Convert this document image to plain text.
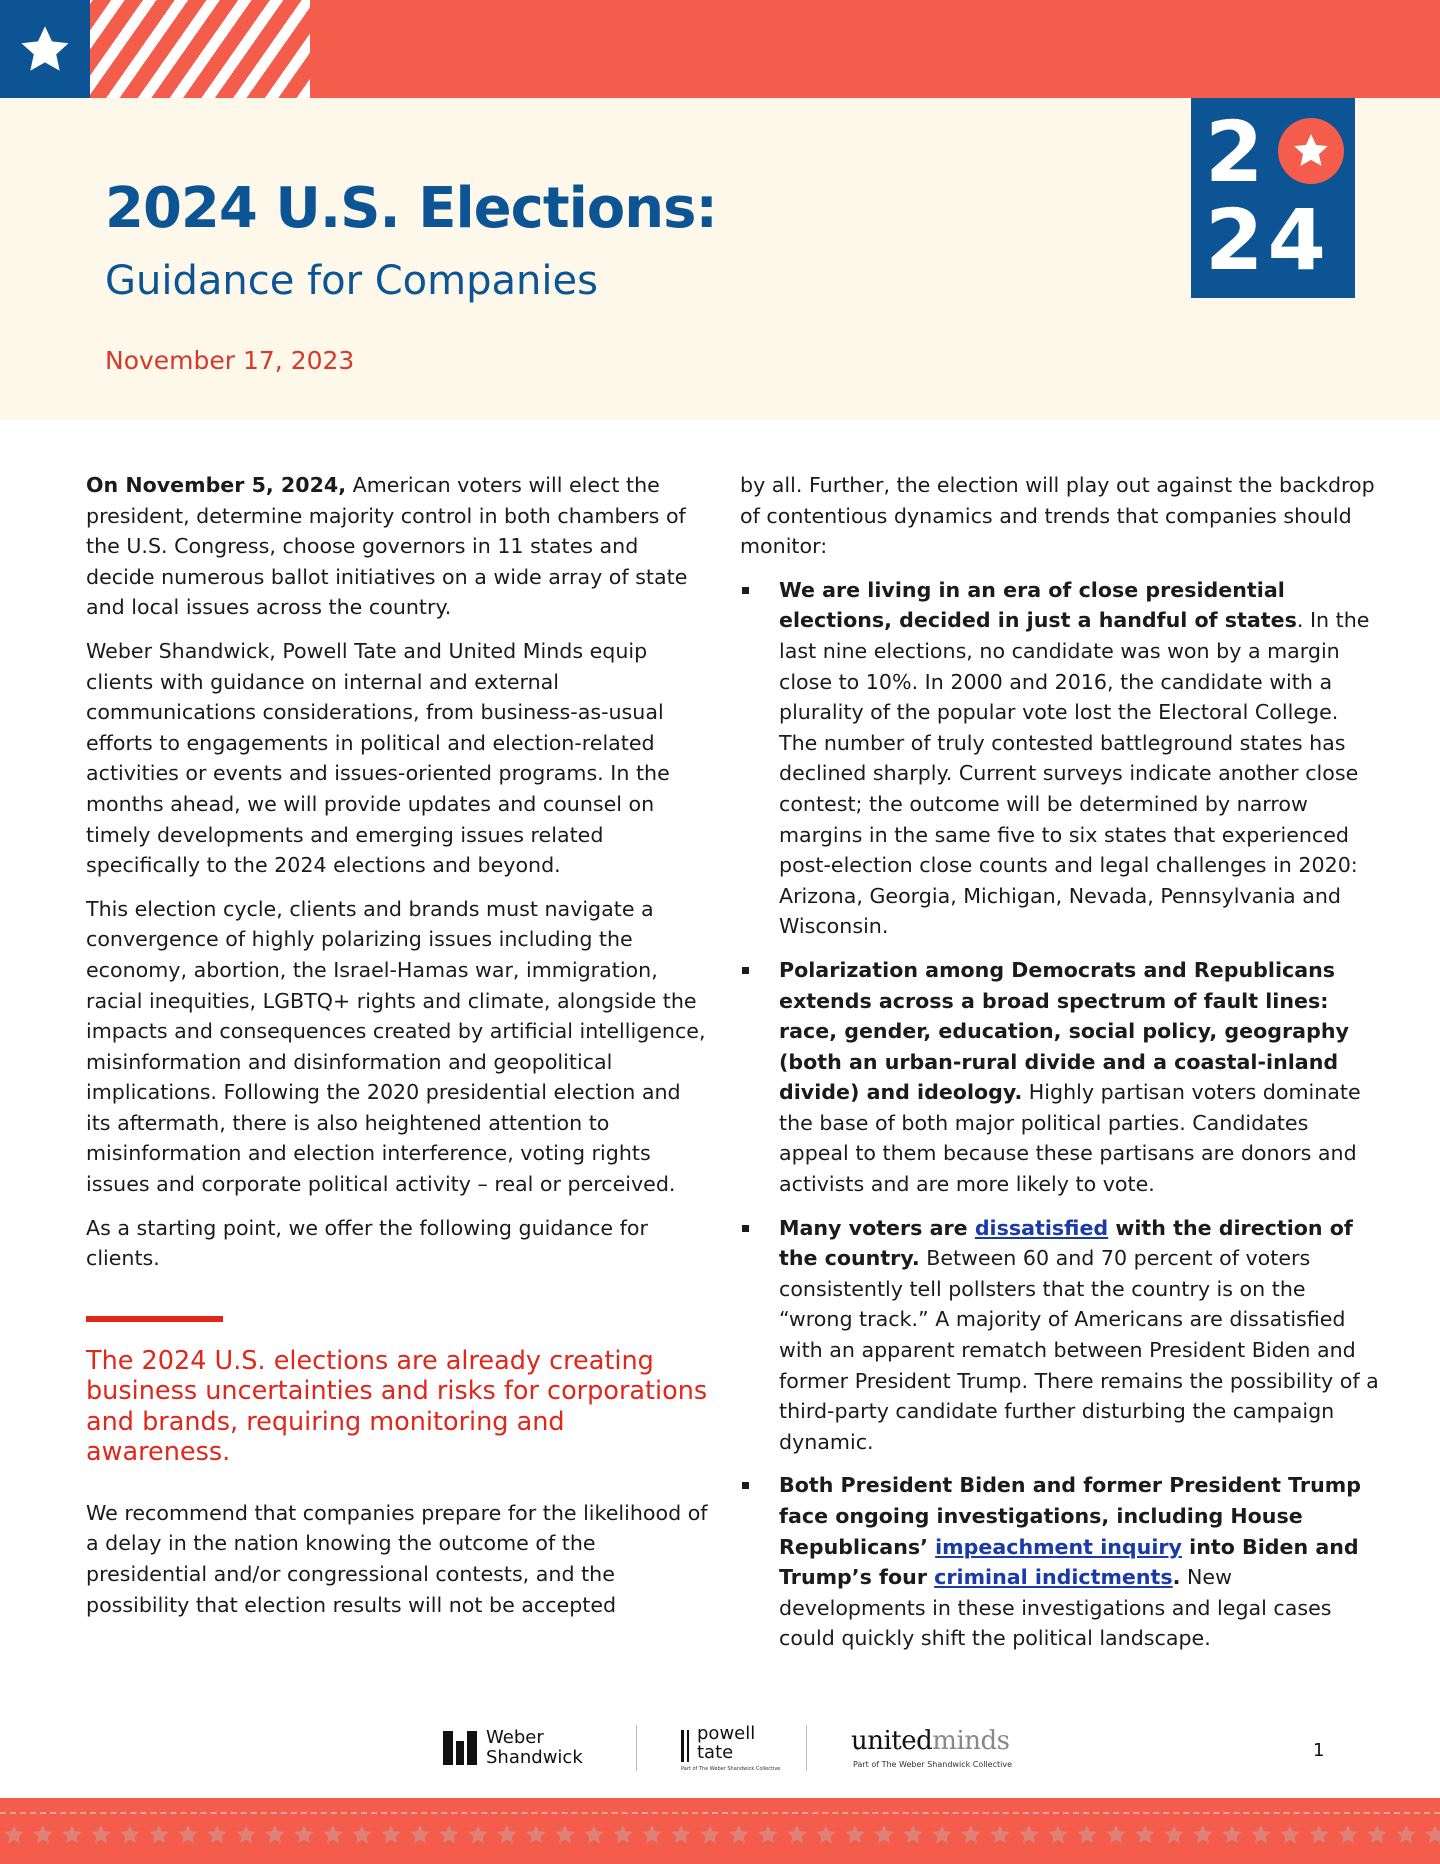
2024 U.S. Elections:
Guidance for Companies
November 17, 2023
2
24

On November 5, 2024, American voters will elect the president, determine majority control in both chambers of the U.S. Congress, choose governors in 11 states and decide numerous ballot initiatives on a wide array of state and local issues across the country.

Weber Shandwick, Powell Tate and United Minds equip clients with guidance on internal and external communications considerations, from business-as-usual efforts to engagements in political and election-related activities or events and issues-oriented programs. In the months ahead, we will provide updates and counsel on timely developments and emerging issues related specifically to the 2024 elections and beyond.

This election cycle, clients and brands must navigate a convergence of highly polarizing issues including the economy, abortion, the Israel-Hamas war, immigration, racial inequities, LGBTQ+ rights and climate, alongside the impacts and consequences created by artificial intelligence, misinformation and disinformation and geopolitical implications. Following the 2020 presidential election and its aftermath, there is also heightened attention to misinformation and election interference, voting rights issues and corporate political activity – real or perceived.

As a starting point, we offer the following guidance for clients.

The 2024 U.S. elections are already creating business uncertainties and risks for corporations and brands, requiring monitoring and awareness.

We recommend that companies prepare for the likelihood of a delay in the nation knowing the outcome of the presidential and/or congressional contests, and the possibility that election results will not be accepted

by all. Further, the election will play out against the backdrop of contentious dynamics and trends that companies should monitor:

We are living in an era of close presidential elections, decided in just a handful of states. In the last nine elections, no candidate was won by a margin close to 10%. In 2000 and 2016, the candidate with a plurality of the popular vote lost the Electoral College. The number of truly contested battleground states has declined sharply. Current surveys indicate another close contest; the outcome will be determined by narrow margins in the same five to six states that experienced post-election close counts and legal challenges in 2020: Arizona, Georgia, Michigan, Nevada, Pennsylvania and Wisconsin.
Polarization among Democrats and Republicans extends across a broad spectrum of fault lines: race, gender, education, social policy, geography (both an urban-rural divide and a coastal-inland divide) and ideology. Highly partisan voters dominate the base of both major political parties. Candidates appeal to them because these partisans are donors and activists and are more likely to vote.
Many voters are dissatisfied with the direction of the country. Between 60 and 70 percent of voters consistently tell pollsters that the country is on the “wrong track.” A majority of Americans are dissatisfied with an apparent rematch between President Biden and former President Trump. There remains the possibility of a third-party candidate further disturbing the campaign dynamic.
Both President Biden and former President Trump face ongoing investigations, including House Republicans’ impeachment inquiry into Biden and Trump’s four criminal indictments. New developments in these investigations and legal cases could quickly shift the political landscape.
Weber
Shandwick
powell
tate
Part of The Weber Shandwick Collective
unitedminds
Part of The Weber Shandwick Collective
1
